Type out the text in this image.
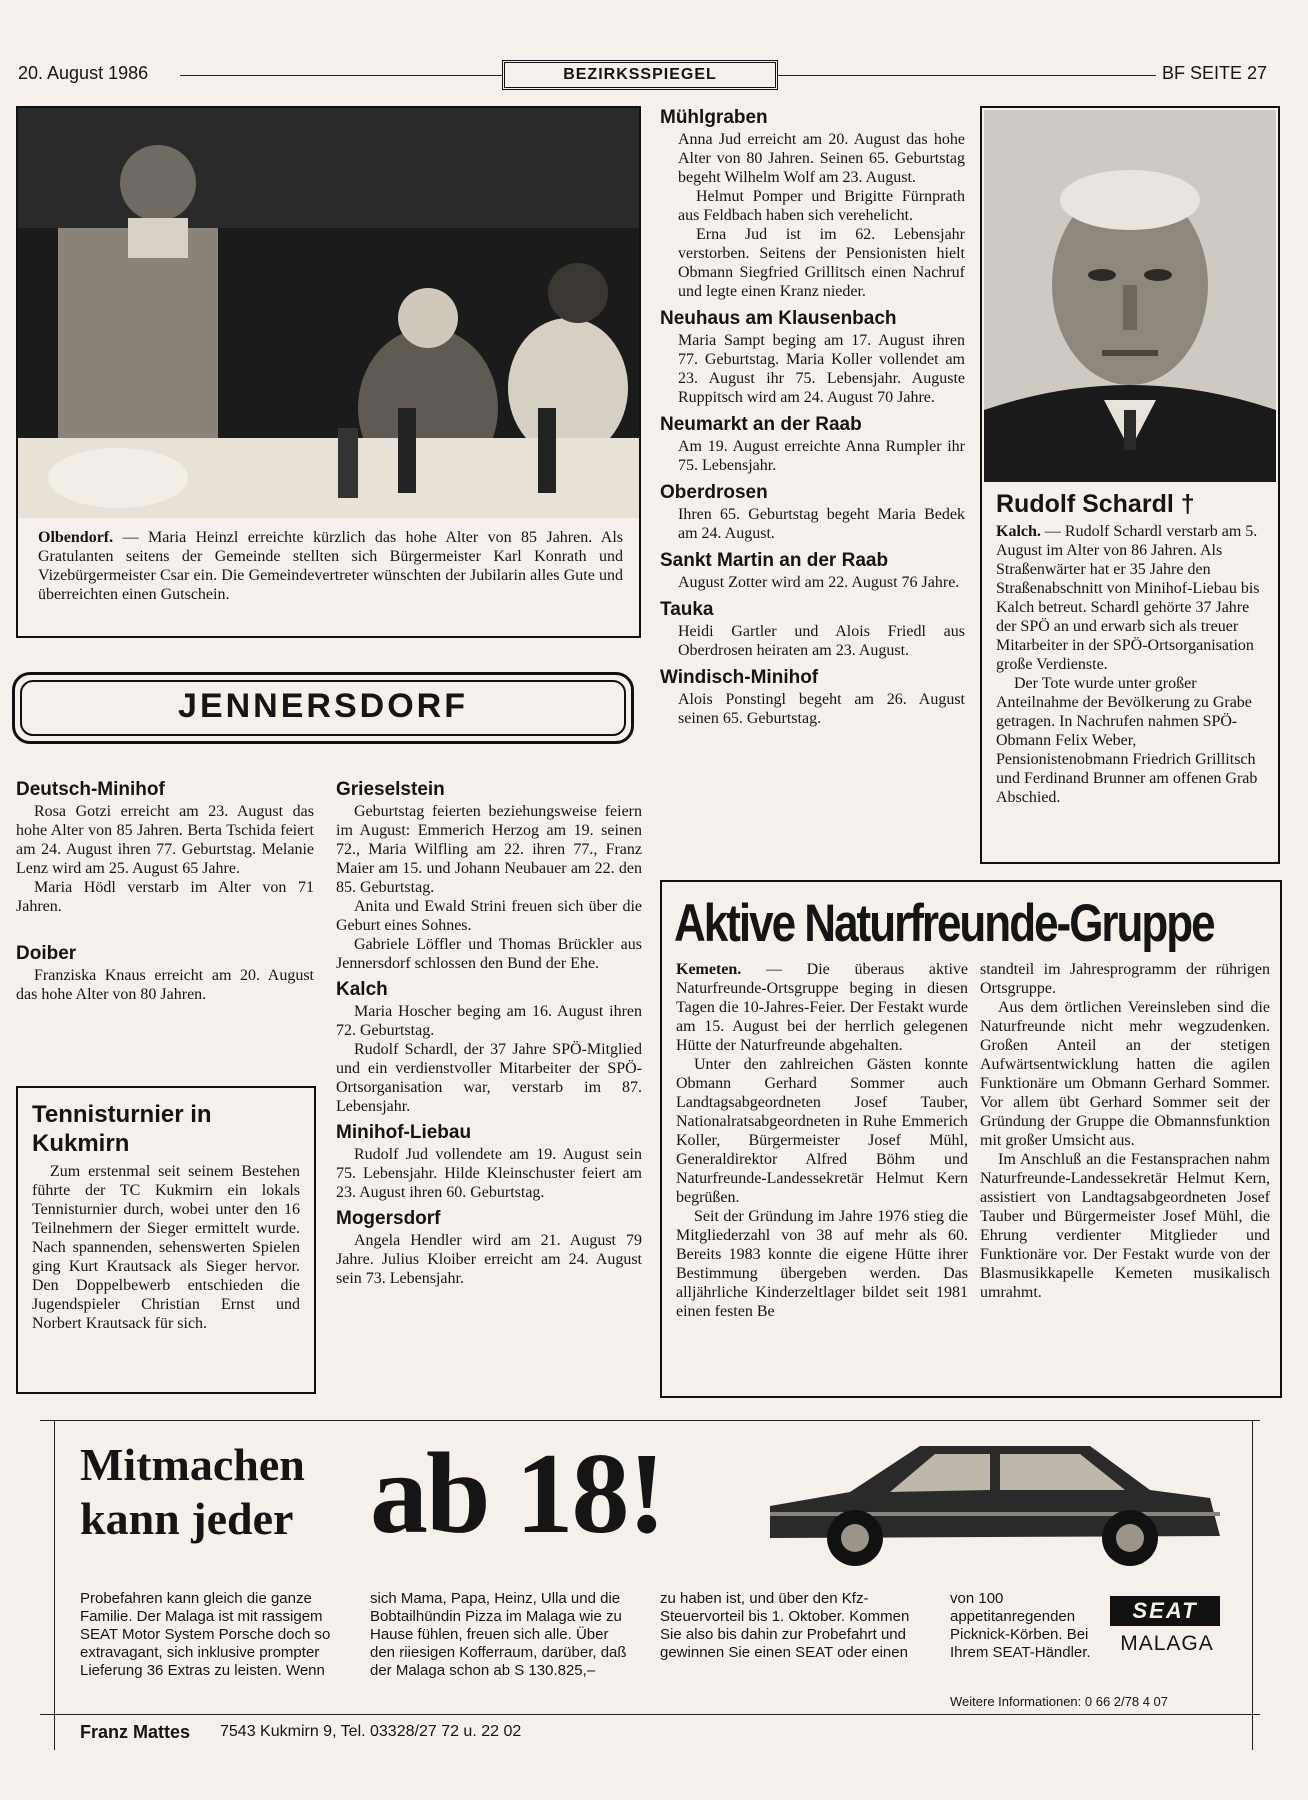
20. August 1986	BEZIRKSSPIEGEL	BF SEITE 27

Olbendorf. — Maria Heinzl erreichte kürzlich das hohe Alter von 85 Jahren. Als Gratulanten seitens der Gemeinde stellten sich Bürgermeister Karl Konrath und Vizebürgermeister Csar ein. Die Gemeindevertreter wünschten der Jubilarin alles Gute und überreichten einen Gutschein.

Mühlgraben

Anna Jud erreicht am 20. August das hohe Alter von 80 Jahren. Seinen 65. Geburtstag begeht Wilhelm Wolf am 23. August.

Helmut Pomper und Brigitte Fürnprath aus Feldbach haben sich verehelicht.

Erna Jud ist im 62. Lebensjahr verstorben. Seitens der Pensionisten hielt Obmann Siegfried Grillitsch einen Nachruf und legte einen Kranz nieder.

Neuhaus am Klausenbach

Maria Sampt beging am 17. August ihren 77. Geburtstag. Maria Koller vollendet am 23. August ihr 75. Lebensjahr. Auguste Ruppitsch wird am 24. August 70 Jahre.

Neumarkt an der Raab

Am 19. August erreichte Anna Rumpler ihr 75. Lebensjahr.

Oberdrosen

Ihren 65. Geburtstag begeht Maria Bedek am 24. August.

Sankt Martin an der Raab

August Zotter wird am 22. August 76 Jahre.

Tauka

Heidi Gartler und Alois Friedl aus Oberdrosen heiraten am 23. August.

Windisch-Minihof

Alois Ponstingl begeht am 26. August seinen 65. Geburtstag.

Rudolf Schardl †

Kalch. — Rudolf Schardl verstarb am 5. August im Alter von 86 Jahren. Als Straßenwärter hat er 35 Jahre den Straßenabschnitt von Minihof-Liebau bis Kalch betreut. Schardl gehörte 37 Jahre der SPÖ an und erwarb sich als treuer Mitarbeiter in der SPÖ-Ortsorganisation große Verdienste.

Der Tote wurde unter großer Anteilnahme der Bevölkerung zu Grabe getragen. In Nachrufen nahmen SPÖ-Obmann Felix Weber, Pensionistenobmann Friedrich Grillitsch und Ferdinand Brunner am offenen Grab Abschied.

JENNERSDORF
Deutsch-Minihof

Rosa Gotzi erreicht am 23. August das hohe Alter von 85 Jahren. Berta Tschida feiert am 24. August ihren 77. Geburtstag. Melanie Lenz wird am 25. August 65 Jahre.

Maria Hödl verstarb im Alter von 71 Jahren.

Doiber

Franziska Knaus erreicht am 20. August das hohe Alter von 80 Jahren.

Tennisturnier in Kukmirn

Zum erstenmal seit seinem Bestehen führte der TC Kukmirn ein lokals Tennisturnier durch, wobei unter den 16 Teilnehmern der Sieger ermittelt wurde. Nach spannenden, sehenswerten Spielen ging Kurt Krautsack als Sieger hervor. Den Doppelbewerb entschieden die Jugendspieler Christian Ernst und Norbert Krautsack für sich.

Grieselstein

Geburtstag feierten beziehungsweise feiern im August: Emmerich Herzog am 19. seinen 72., Maria Wilfling am 22. ihren 77., Franz Maier am 15. und Johann Neubauer am 22. den 85. Geburtstag.

Anita und Ewald Strini freuen sich über die Geburt eines Sohnes.

Gabriele Löffler und Thomas Brückler aus Jennersdorf schlossen den Bund der Ehe.

Kalch

Maria Hoscher beging am 16. August ihren 72. Geburtstag.

Rudolf Schardl, der 37 Jahre SPÖ-Mitglied und ein verdienstvoller Mitarbeiter der SPÖ-Ortsorganisation war, verstarb im 87. Lebensjahr.

Minihof-Liebau

Rudolf Jud vollendete am 19. August sein 75. Lebensjahr. Hilde Kleinschuster feiert am 23. August ihren 60. Geburtstag.

Mogersdorf

Angela Hendler wird am 21. August 79 Jahre. Julius Kloiber erreicht am 24. August sein 73. Lebensjahr.

Aktive Naturfreunde-Gruppe

Kemeten. — Die überaus aktive Naturfreunde-Ortsgruppe beging in diesen Tagen die 10-Jahres-Feier. Der Festakt wurde am 15. August bei der herrlich gelegenen Hütte der Naturfreunde abgehalten.

Unter den zahlreichen Gästen konnte Obmann Gerhard Sommer auch Landtagsabgeordneten Josef Tauber, Nationalratsabgeordneten in Ruhe Emmerich Koller, Bürgermeister Josef Mühl, Generaldirektor Alfred Böhm und Naturfreunde-Landessekretär Helmut Kern begrüßen.

Seit der Gründung im Jahre 1976 stieg die Mitgliederzahl von 38 auf mehr als 60. Bereits 1983 konnte die eigene Hütte ihrer Bestimmung übergeben werden. Das alljährliche Kinderzeltlager bildet seit 1981 einen festen Be

standteil im Jahresprogramm der rührigen Ortsgruppe.

Aus dem örtlichen Vereinsleben sind die Naturfreunde nicht mehr wegzudenken. Großen Anteil an der stetigen Aufwärtsentwicklung hatten die agilen Funktionäre um Obmann Gerhard Sommer. Vor allem übt Gerhard Sommer seit der Gründung der Gruppe die Obmannsfunktion mit großer Umsicht aus.

Im Anschluß an die Festansprachen nahm Naturfreunde-Landessekretär Helmut Kern, assistiert von Landtagsabgeordneten Josef Tauber und Bürgermeister Josef Mühl, die Ehrung verdienter Mitglieder und Funktionäre vor. Der Festakt wurde von der Blasmusikkapelle Kemeten musikalisch umrahmt.

Mitmachen
kann jeder ab 18!
Probefahren kann gleich die ganze Familie. Der Malaga ist mit rassigem SEAT Motor System Porsche doch so extravagant, sich inklusive prompter Lieferung 36 Extras zu leisten. Wenn
sich Mama, Papa, Heinz, Ulla und die Bobtailhündin Pizza im Malaga wie zu Hause fühlen, freuen sich alle. Über den riiesigen Kofferraum, darüber, daß der Malaga schon ab S 130.825,–
zu haben ist, und über den Kfz-Steuervorteil bis 1. Oktober. Kommen Sie also bis dahin zur Probefahrt und gewinnen Sie einen SEAT oder einen
von 100 appetitanregenden Picknick-Körben. Bei Ihrem SEAT-Händler.
SEAT
MALAGA
Weitere Informationen: 0 66 2/78 4 07
Franz Mattes 7543 Kukmirn 9, Tel. 03328/27 72 u. 22 02
